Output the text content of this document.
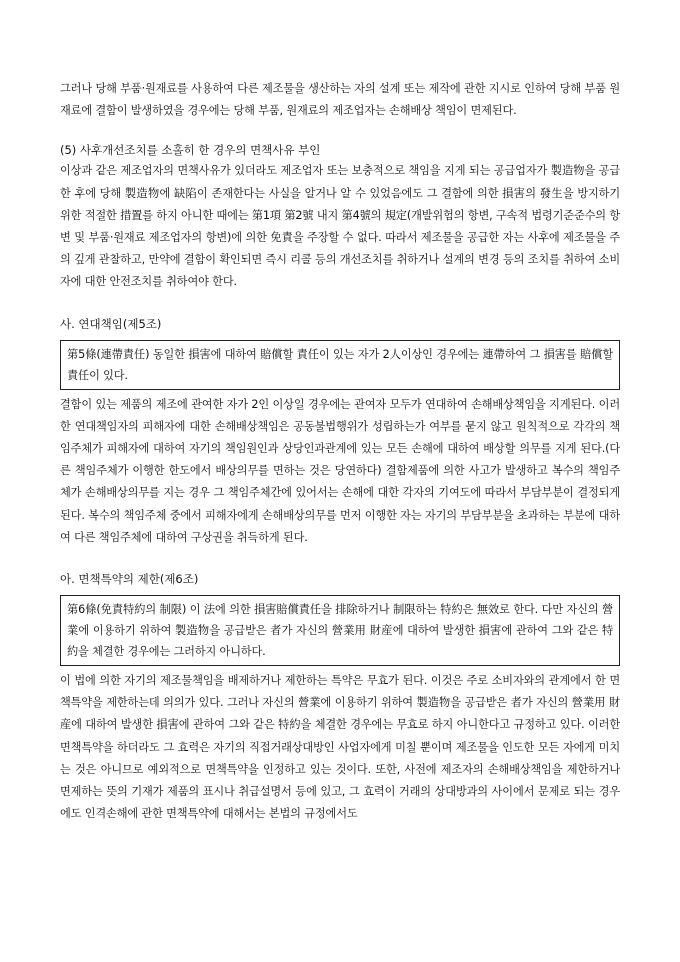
그러나 당해 부품·원재료를 사용하여 다른 제조물을 생산하는 자의 설계 또는 제작에 관한 지시로 인하여 당해 부품 원재료에 결함이 발생하였을 경우에는 당해 부품, 원재료의 제조업자는 손해배상 책임이 면제된다.

(5) 사후개선조치를 소홀히 한 경우의 면책사유 부인

이상과 같은 제조업자의 면책사유가 있더라도 제조업자 또는 보충적으로 책임을 지게 되는 공급업자가 製造物을 공급한 후에 당해 製造物에 缺陷이 존재한다는 사실을 알거나 알 수 있었음에도 그 결함에 의한 損害의 發生을 방지하기 위한 적절한 措置를 하지 아니한 때에는 第1項 第2號 내지 第4號의 規定(개발위험의 항변, 구속적 법령기준준수의 항변 및 부품·원재료 제조업자의 항변)에 의한 免責을 주장할 수 없다. 따라서 제조물을 공급한 자는 사후에 제조물을 주의 깊게 관찰하고, 만약에 결함이 확인되면 즉시 리콜 등의 개선조치를 취하거나 설계의 변경 등의 조치를 취하여 소비자에 대한 안전조치를 취하여야 한다.

사. 연대책임(제5조)

第5條(連帶責任) 동일한 損害에 대하여 賠償할 責任이 있는 자가 2人이상인 경우에는 連帶하여 그 損害를 賠償할 責任이 있다.

결함이 있는 제품의 제조에 관여한 자가 2인 이상일 경우에는 관여자 모두가 연대하여 손해배상책임을 지게된다. 이러한 연대책임자의 피해자에 대한 손해배상책임은 공동불법행위가 성립하는가 여부를 묻지 않고 원칙적으로 각각의 책임주체가 피해자에 대하여 자기의 책임원인과 상당인과관계에 있는 모든 손해에 대하여 배상할 의무를 지게 된다.(다른 책임주체가 이행한 한도에서 배상의무를 면하는 것은 당연하다) 결함제품에 의한 사고가 발생하고 복수의 책임주체가 손해배상의무를 지는 경우 그 책임주체간에 있어서는 손해에 대한 각자의 기여도에 따라서 부담부분이 결정되게 된다. 복수의 책임주체 중에서 피해자에게 손해배상의무를 먼저 이행한 자는 자기의 부담부분을 초과하는 부분에 대하여 다른 책임주체에 대하여 구상권을 취득하게 된다.

아. 면책특약의 제한(제6조)

第6條(免責特約의 制限) 이 法에 의한 損害賠償責任을 排除하거나 制限하는 特約은 無效로 한다. 다만 자신의 營業에 이용하기 위하여 製造物을 공급받은 者가 자신의 營業用 財産에 대하여 발생한 損害에 관하여 그와 같은 特約을 체결한 경우에는 그러하지 아니하다.

이 법에 의한 자기의 제조물책임을 배제하거나 제한하는 특약은 무효가 된다. 이것은 주로 소비자와의 관계에서 한 면책특약을 제한하는데 의의가 있다. 그러나 자신의 營業에 이용하기 위하여 製造物을 공급받은 者가 자신의 營業用 財産에 대하여 발생한 損害에 관하여 그와 같은 特約을 체결한 경우에는 무효로 하지 아니한다고 규정하고 있다. 이러한 면책특약을 하더라도 그 효력은 자기의 직접거래상대방인 사업자에게 미칠 뿐이며 제조물을 인도한 모든 자에게 미치는 것은 아니므로 예외적으로 면책특약을 인정하고 있는 것이다. 또한, 사전에 제조자의 손해배상책임을 제한하거나 면제하는 뜻의 기재가 제품의 표시나 취급설명서 등에 있고, 그 효력이 거래의 상대방과의 사이에서 문제로 되는 경우에도 인격손해에 관한 면책특약에 대해서는 본법의 규정에서도
